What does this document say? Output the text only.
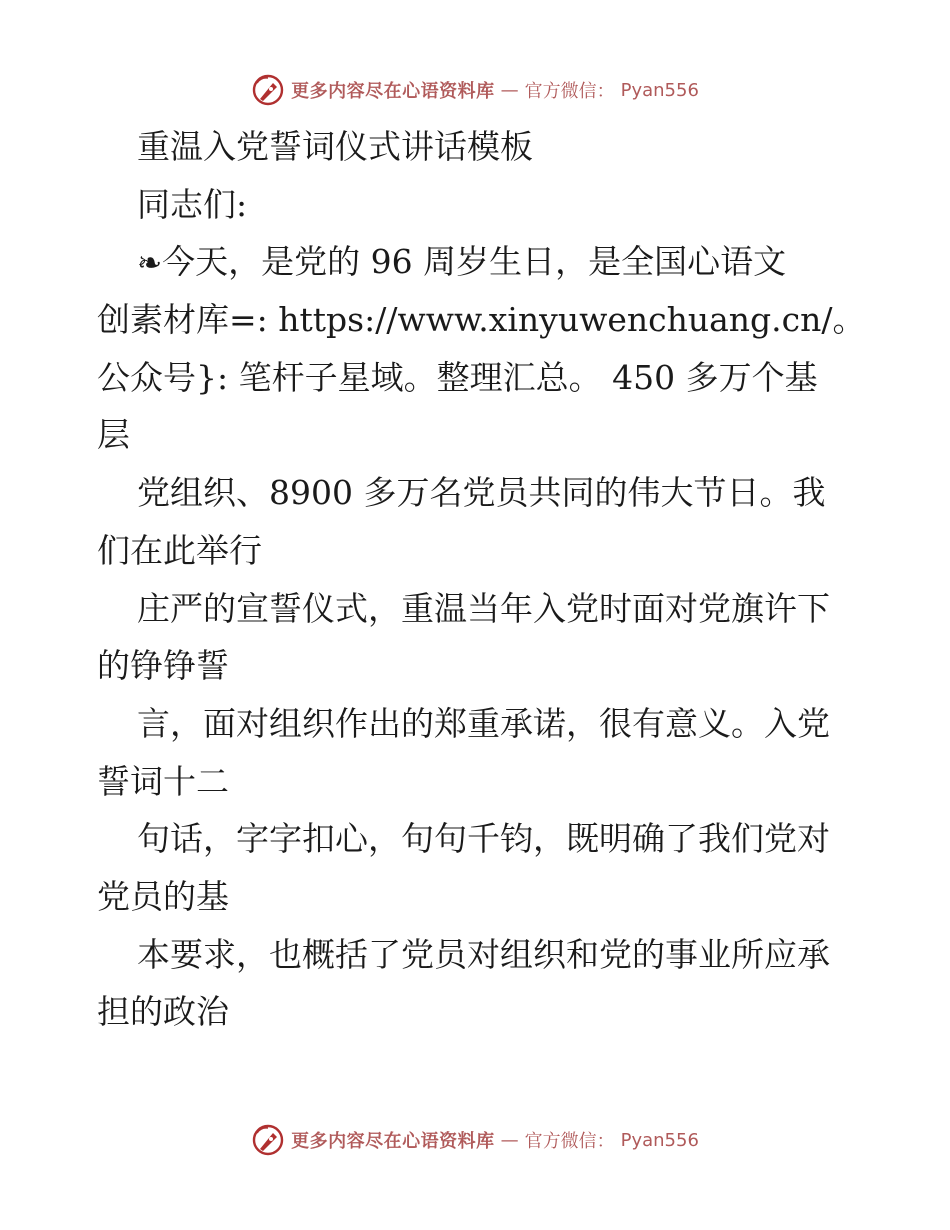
更多内容尽在心语资料库 — 官方微信： Pyan556
重温入党誓词仪式讲话模板
同志们:
❧今天，是党的 96 周岁生日，是全国心语文
创素材库=: https://www.xinyuwenchuang.cn/。
公众号}: 笔杆子星域。整理汇总。 450 多万个基
层
党组织、8900 多万名党员共同的伟大节日。我
们在此举行
庄严的宣誓仪式，重温当年入党时面对党旗许下
的铮铮誓
言，面对组织作出的郑重承诺，很有意义。入党
誓词十二
句话，字字扣心，句句千钧，既明确了我们党对
党员的基
本要求，也概括了党员对组织和党的事业所应承
担的政治
更多内容尽在心语资料库 — 官方微信： Pyan556
